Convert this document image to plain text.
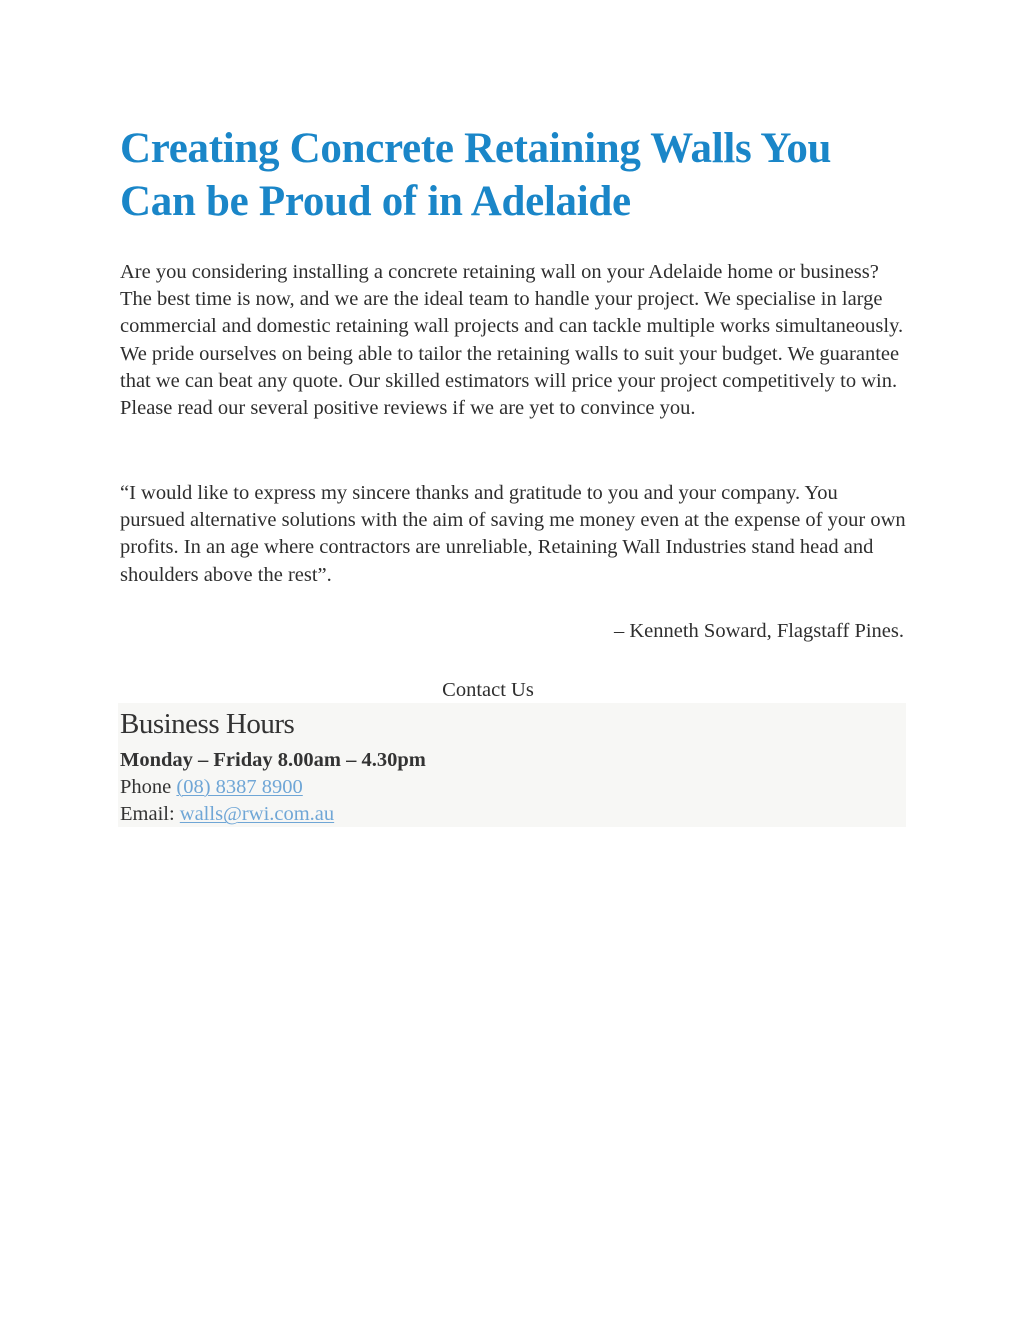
Creating Concrete Retaining Walls You Can be Proud of in Adelaide

Are you considering installing a concrete retaining wall on your Adelaide home or business? The best time is now, and we are the ideal team to handle your project. We specialise in large commercial and domestic retaining wall projects and can tackle multiple works simultaneously. We pride ourselves on being able to tailor the retaining walls to suit your budget. We guarantee that we can beat any quote. Our skilled estimators will price your project competitively to win. Please read our several positive reviews if we are yet to convince you.

“I would like to express my sincere thanks and gratitude to you and your company. You pursued alternative solutions with the aim of saving me money even at the expense of your own profits. In an age where contractors are unreliable, Retaining Wall Industries stand head and shoulders above the rest”.

– Kenneth Soward, Flagstaff Pines.

Contact Us
Business Hours
Monday – Friday 8.00am – 4.30pm
Phone (08) 8387 8900
Email: walls@rwi.com.au
